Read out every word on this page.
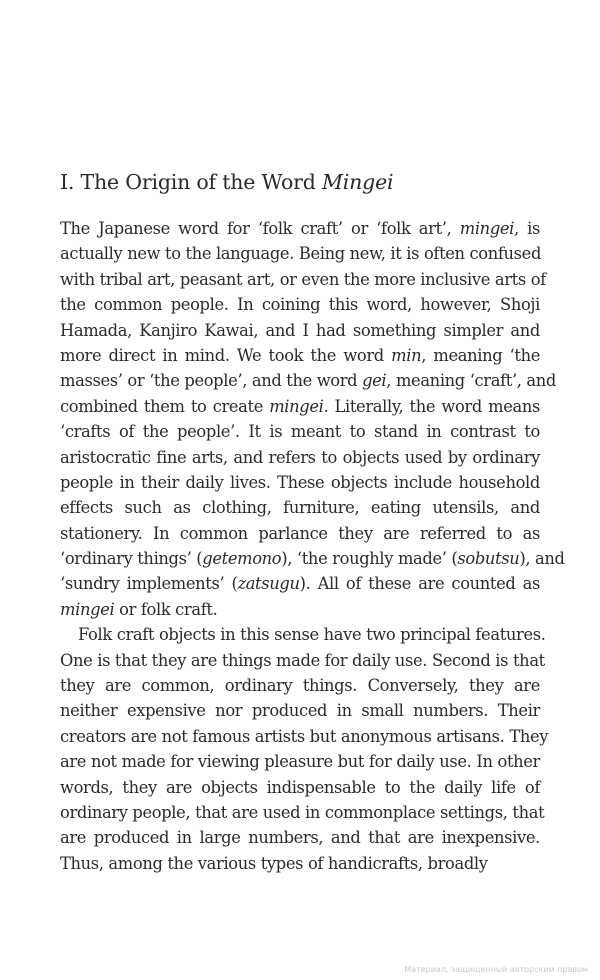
I. The Origin of the Word Mingei
The Japanese word for ‘folk craft’ or ‘folk art’, mingei, is
actually new to the language. Being new, it is often confused
with tribal art, peasant art, or even the more inclusive arts of
the common people. In coining this word, however, Shoji
Hamada, Kanjiro Kawai, and I had something simpler and
more direct in mind. We took the word min, meaning ‘the
masses’ or ‘the people’, and the word gei, meaning ‘craft’, and
combined them to create mingei. Literally, the word means
‘crafts of the people’. It is meant to stand in contrast to
aristocratic fine arts, and refers to objects used by ordinary
people in their daily lives. These objects include household
effects such as clothing, furniture, eating utensils, and
stationery. In common parlance they are referred to as
‘ordinary things’ (getemono), ‘the roughly made’ (sobutsu), and
‘sundry implements’ (zatsugu). All of these are counted as
mingei or folk craft.
Folk craft objects in this sense have two principal features.
One is that they are things made for daily use. Second is that
they are common, ordinary things. Conversely, they are
neither expensive nor produced in small numbers. Their
creators are not famous artists but anonymous artisans. They
are not made for viewing pleasure but for daily use. In other
words, they are objects indispensable to the daily life of
ordinary people, that are used in commonplace settings, that
are produced in large numbers, and that are inexpensive.
Thus, among the various types of handicrafts, broadly
Материал, защищенный авторским правом
